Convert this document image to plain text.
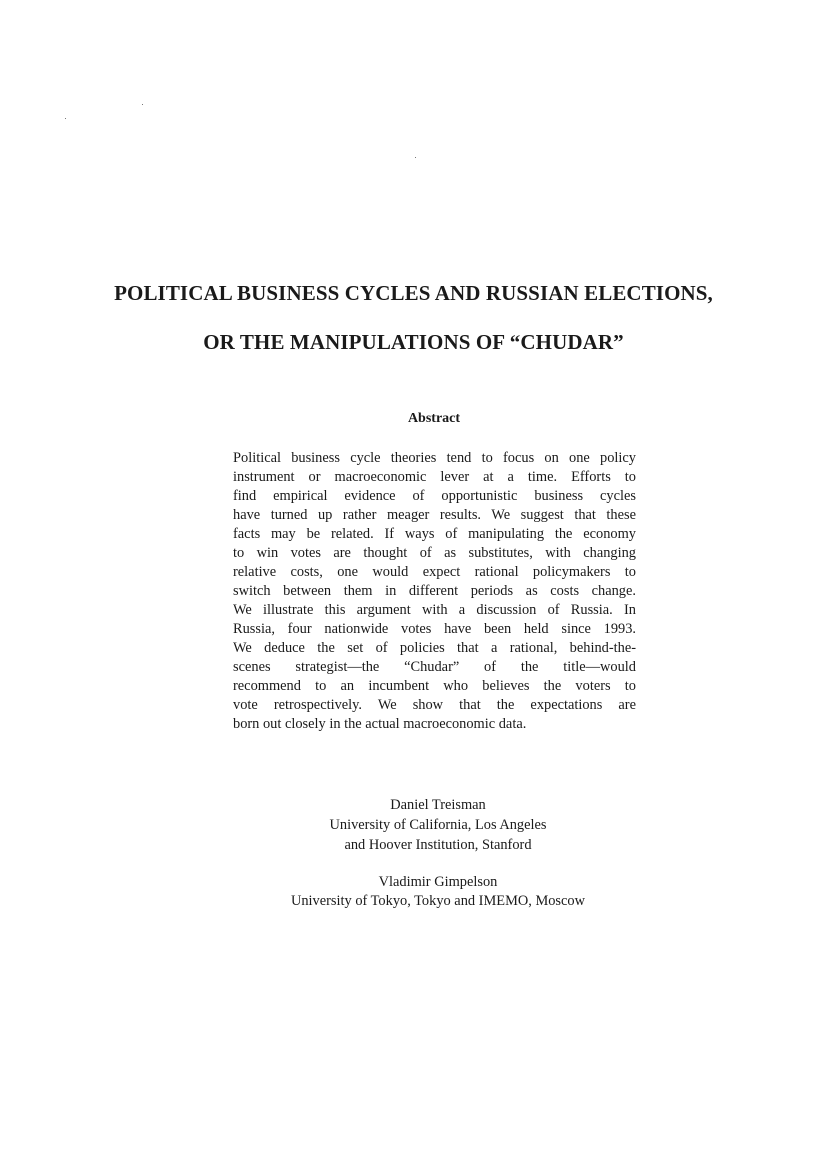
POLITICAL BUSINESS CYCLES AND RUSSIAN ELECTIONS,
OR THE MANIPULATIONS OF “CHUDAR”
Abstract
Political business cycle theories tend to focus on one policy
instrument or macroeconomic lever at a time. Efforts to
find empirical evidence of opportunistic business cycles
have turned up rather meager results. We suggest that these
facts may be related. If ways of manipulating the economy
to win votes are thought of as substitutes, with changing
relative costs, one would expect rational policymakers to
switch between them in different periods as costs change.
We illustrate this argument with a discussion of Russia. In
Russia, four nationwide votes have been held since 1993.
We deduce the set of policies that a rational, behind-the-
scenes strategist—the “Chudar” of the title—would
recommend to an incumbent who believes the voters to
vote retrospectively. We show that the expectations are
born out closely in the actual macroeconomic data.
Daniel Treisman
University of California, Los Angeles
and Hoover Institution, Stanford
Vladimir Gimpelson
University of Tokyo, Tokyo and IMEMO, Moscow
